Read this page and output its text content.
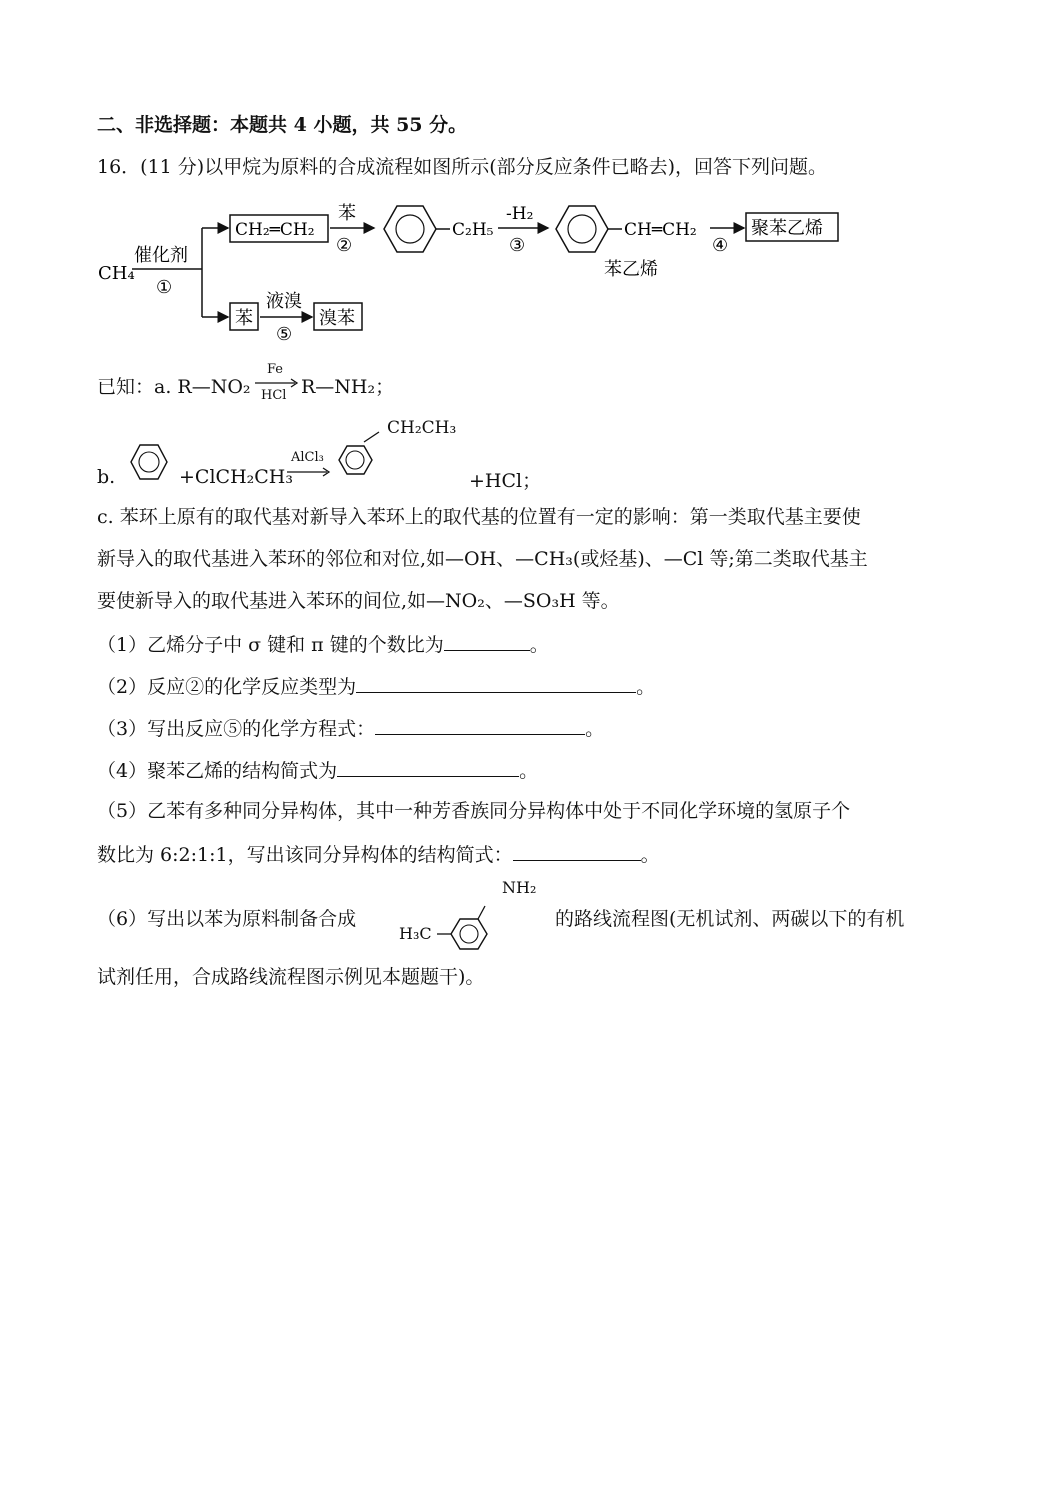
二、非选择题：本题共 4 小题，共 55 分。
16．(11 分)以甲烷为原料的合成流程如图所示(部分反应条件已略去)，回答下列问题。
CH₄
催化剂
①
CH₂═CH₂
苯
②
C₂H₅
-H₂
③
CH═CH₂
苯乙烯
④
聚苯乙烯
苯
液溴
⑤
溴苯
已知：a. R—NO₂
Fe
HCl R—NH₂；
b.	+ClCH₂CH₃
AlCl₃
CH₂CH₃
+HCl；
c. 苯环上原有的取代基对新导入苯环上的取代基的位置有一定的影响：第一类取代基主要使
新导入的取代基进入苯环的邻位和对位,如—OH、—CH₃(或烃基)、—Cl 等;第二类取代基主
要使新导入的取代基进入苯环的间位,如—NO₂、—SO₃H 等。
（1）乙烯分子中 σ 键和 π 键的个数比为	。
（2）反应②的化学反应类型为	。
（3）写出反应⑤的化学方程式：	。
（4）聚苯乙烯的结构简式为	。
（5）乙苯有多种同分异构体，其中一种芳香族同分异构体中处于不同化学环境的氢原子个
数比为 6:2:1:1，写出该同分异构体的结构简式：	。
（6）写出以苯为原料制备合成
NH₂
H₃C
的路线流程图(无机试剂、两碳以下的有机
试剂任用，合成路线流程图示例见本题题干)。
